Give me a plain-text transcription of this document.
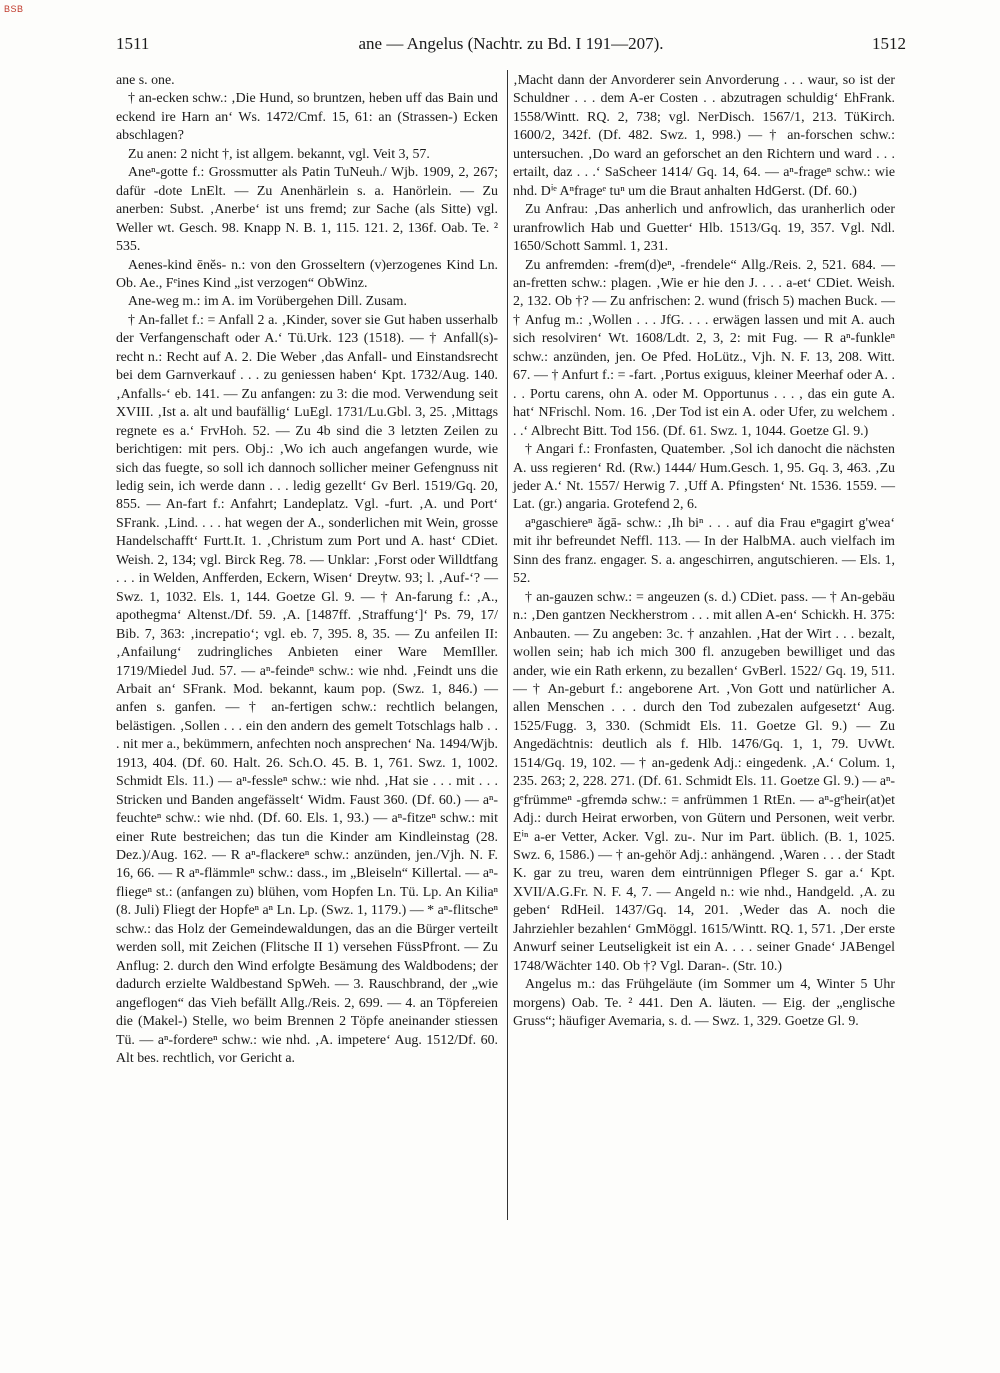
BSB
1511	ane — Angelus (Nachtr. zu Bd. I 191—207).	1512

ane s. one.

† an-ecken schw.: ‚Die Hund, so bruntzen, heben uff das Bain und eckend ire Harn an‘ Ws. 1472/Cmf. 15, 61: an (Strassen-) Ecken abschlagen?

Zu anen: 2 nicht †, ist allgem. bekannt, vgl. Veit 3, 57.

Aneⁿ-gotte f.: Grossmutter als Patin TuNeuh./ Wjb. 1909, 2, 267; dafür -dote LnElt. — Zu Anenhärlein s. a. Hanörlein. — Zu anerben: Subst. ‚Anerbe‘ ist uns fremd; zur Sache (als Sitte) vgl. Weller wt. Gesch. 98. Knapp N. B. 1, 115. 121. 2, 136f. Oab. Te. ² 535.

Aenes-kind ēnĕs- n.: von den Grosseltern (v)erzogenes Kind Ln. Ob. Ae., Fᵉines Kind „ist verzogen“ ObWinz.

Ane-weg m.: im A. im Vorübergehen Dill. Zusam.

† An-fallet f.: = Anfall 2 a. ‚Kinder, sover sie Gut haben usserhalb der Verfangenschaft oder A.‘ Tü.Urk. 123 (1518). — † Anfall(s)-recht n.: Recht auf A. 2. Die Weber ‚das Anfall- und Einstandsrecht bei dem Garnverkauf . . . zu geniessen haben‘ Kpt. 1732/Aug. 140. ‚Anfalls-‘ eb. 141. — Zu anfangen: zu 3: die mod. Verwendung seit XVIII. ‚Ist a. alt und baufällig‘ LuEgl. 1731/Lu.Gbl. 3, 25. ‚Mittags regnete es a.‘ FrvHoh. 52. — Zu 4b sind die 3 letzten Zeilen zu berichtigen: mit pers. Obj.: ‚Wo ich auch angefangen wurde, wie sich das fuegte, so soll ich dannoch sollicher meiner Gefengnuss nit ledig sein, ich werde dann . . . ledig gezellt‘ Gv Berl. 1519/Gq. 20, 855. — An-fart f.: Anfahrt; Landeplatz. Vgl. -furt. ‚A. und Port‘ SFrank. ‚Lind. . . . hat wegen der A., sonderlichen mit Wein, grosse Handelschafft‘ Furtt.It. 1. ‚Christum zum Port und A. hast‘ CDiet. Weish. 2, 134; vgl. Birck Reg. 78. — Unklar: ‚Forst oder Willdtfang . . . in Welden, Anfferden, Eckern, Wisen‘ Dreytw. 93; l. ‚Auf-‘? — Swz. 1, 1032. Els. 1, 144. Goetze Gl. 9. — † An-farung f.: ‚A., apothegma‘ Altenst./Df. 59. ‚A. [1487ff. ‚Straffung‘]‘ Ps. 79, 17/ Bib. 7, 363: ‚increpatio‘; vgl. eb. 7, 395. 8, 35. — Zu anfeilen II: ‚Anfailung‘ zudringliches Anbieten einer Ware MemIller. 1719/Miedel Jud. 57. — aⁿ-feindeⁿ schw.: wie nhd. ‚Feindt uns die Arbait an‘ SFrank. Mod. bekannt, kaum pop. (Swz. 1, 846.) — anfen s. ganfen. — † an-fertigen schw.: rechtlich belangen, belästigen. ‚Sollen . . . ein den andern des gemelt Totschlags halb . . . nit mer a., bekümmern, anfechten noch ansprechen‘ Na. 1494/Wjb. 1913, 404. (Df. 60. Halt. 26. Sch.O. 45. B. 1, 761. Swz. 1, 1002. Schmidt Els. 11.) — aⁿ-fessleⁿ schw.: wie nhd. ‚Hat sie . . . mit . . . Stricken und Banden angefässelt‘ Widm. Faust 360. (Df. 60.) — aⁿ-feuchteⁿ schw.: wie nhd. (Df. 60. Els. 1, 93.) — aⁿ-fitzeⁿ schw.: mit einer Rute bestreichen; das tun die Kinder am Kindleinstag (28. Dez.)/Aug. 162. — R aⁿ-flackereⁿ schw.: anzünden, jen./Vjh. N. F. 16, 66. — R aⁿ-flämmleⁿ schw.: dass., im „Bleiseln“ Killertal. — aⁿ-fliegeⁿ st.: (anfangen zu) blühen, vom Hopfen Ln. Tü. Lp. An Kiliaⁿ (8. Juli) Fliegt der Hopfeⁿ aⁿ Ln. Lp. (Swz. 1, 1179.) — * aⁿ-flitscheⁿ schw.: das Holz der Gemeindewaldungen, das an die Bürger verteilt werden soll, mit Zeichen (Flitsche II 1) versehen FüssPfront. — Zu Anflug: 2. durch den Wind erfolgte Besämung des Waldbodens; der dadurch erzielte Waldbestand SpWeh. — 3. Rauschbrand, der „wie angeflogen“ das Vieh befällt Allg./Reis. 2, 699. — 4. an Töpfereien die (Makel-) Stelle, wo beim Brennen 2 Töpfe aneinander stiessen Tü. — aⁿ-fordereⁿ schw.: wie nhd. ‚A. impetere‘ Aug. 1512/Df. 60. Alt bes. rechtlich, vor Gericht a.

‚Macht dann der Anvorderer sein Anvorderung . . . waur, so ist der Schuldner . . . dem A-er Costen . . abzutragen schuldig‘ EhFrank. 1558/Wintt. RQ. 2, 738; vgl. NerDisch. 1567/1, 213. TüKirch. 1600/2, 342f. (Df. 482. Swz. 1, 998.) — † an-forschen schw.: untersuchen. ‚Do ward an geforschet an den Richtern und ward . . . ertailt, daz . . .‘ SaScheer 1414/ Gq. 14, 64. — aⁿ-frageⁿ schw.: wie nhd. Dⁱᵉ Aⁿfrageᵉ tuⁿ um die Braut anhalten HdGerst. (Df. 60.)

Zu Anfrau: ‚Das anherlich und anfrowlich, das uranherlich oder uranfrowlich Hab und Guetter‘ Hlb. 1513/Gq. 19, 357. Vgl. Ndl. 1650/Schott Samml. 1, 231.

Zu anfremden: -frem(d)eⁿ, -frendele“ Allg./Reis. 2, 521. 684. — an-fretten schw.: plagen. ‚Wie er hie den J. . . . a-et‘ CDiet. Weish. 2, 132. Ob †? — Zu anfrischen: 2. wund (frisch 5) machen Buck. — † Anfug m.: ‚Wollen . . . JfG. . . . erwägen lassen und mit A. auch sich resolviren‘ Wt. 1608/Ldt. 2, 3, 2: mit Fug. — R aⁿ-funkleⁿ schw.: anzünden, jen. Oe Pfed. HoLütz., Vjh. N. F. 13, 208. Witt. 67. — † Anfurt f.: = -fart. ‚Portus exiguus, kleiner Meerhaf oder A. . . . Portu carens, ohn A. oder M. Opportunus . . . , das ein gute A. hat‘ NFrischl. Nom. 16. ‚Der Tod ist ein A. oder Ufer, zu welchem . . .‘ Albrecht Bitt. Tod 156. (Df. 61. Swz. 1, 1044. Goetze Gl. 9.)

† Angari f.: Fronfasten, Quatember. ‚Sol ich danocht die nächsten A. uss regieren‘ Rd. (Rw.) 1444/ Hum.Gesch. 1, 95. Gq. 3, 463. ‚Zu jeder A.‘ Nt. 1557/ Herwig 7. ‚Uff A. Pfingsten‘ Nt. 1536. 1559. — Lat. (gr.) angaria. Grotefend 2, 6.

aⁿgaschiereⁿ ăgā- schw.: ‚Ih biⁿ . . . auf dia Frau eⁿgagirt g'wea‘ mit ihr befreundet Neffl. 113. — In der HalbMA. auch vielfach im Sinn des franz. engager. S. a. angeschirren, angutschieren. — Els. 1, 52.

† an-gauzen schw.: = angeuzen (s. d.) CDiet. pass. — † An-gebäu n.: ‚Den gantzen Neckherstrom . . . mit allen A-en‘ Schickh. H. 375: Anbauten. — Zu angeben: 3c. † anzahlen. ‚Hat der Wirt . . . bezalt, wollen sein; hab ich mich 300 fl. anzugeben bewilliget und das ander, wie ein Rath erkenn, zu bezallen‘ GvBerl. 1522/ Gq. 19, 511. — † An-geburt f.: angeborene Art. ‚Von Gott und natürlicher A. allen Menschen . . . durch den Tod zubezalen aufgesetzt‘ Aug. 1525/Fugg. 3, 330. (Schmidt Els. 11. Goetze Gl. 9.) — Zu Angedächtnis: deutlich als f. Hlb. 1476/Gq. 1, 1, 79. UvWt. 1514/Gq. 19, 102. — † an-gedenk Adj.: eingedenk. ‚A.‘ Colum. 1, 235. 263; 2, 228. 271. (Df. 61. Schmidt Els. 11. Goetze Gl. 9.) — aⁿ-gᵉfrümmeⁿ -gfremdə schw.: = anfrümmen 1 RtEn. — aⁿ-gᵉheir(at)et Adj.: durch Heirat erworben, von Gütern und Personen, weit verbr. Eⁱⁿ a-er Vetter, Acker. Vgl. zu-. Nur im Part. üblich. (B. 1, 1025. Swz. 6, 1586.) — † an-gehör Adj.: anhängend. ‚Waren . . . der Stadt K. gar zu treu, waren dem eintrünnigen Pfleger S. gar a.‘ Kpt. XVII/A.G.Fr. N. F. 4, 7. — Angeld n.: wie nhd., Handgeld. ‚A. zu geben‘ RdHeil. 1437/Gq. 14, 201. ‚Weder das A. noch die Jahrziehler bezahlen‘ GmMöggl. 1615/Wintt. RQ. 1, 571. ‚Der erste Anwurf seiner Leutseligkeit ist ein A. . . . seiner Gnade‘ JABengel 1748/Wächter 140. Ob †? Vgl. Daran-. (Str. 10.)

Angelus m.: das Frühgeläute (im Sommer um 4, Winter 5 Uhr morgens) Oab. Te. ² 441. Den A. läuten. — Eig. der „englische Gruss“; häufiger Avemaria, s. d. — Swz. 1, 329. Goetze Gl. 9.
